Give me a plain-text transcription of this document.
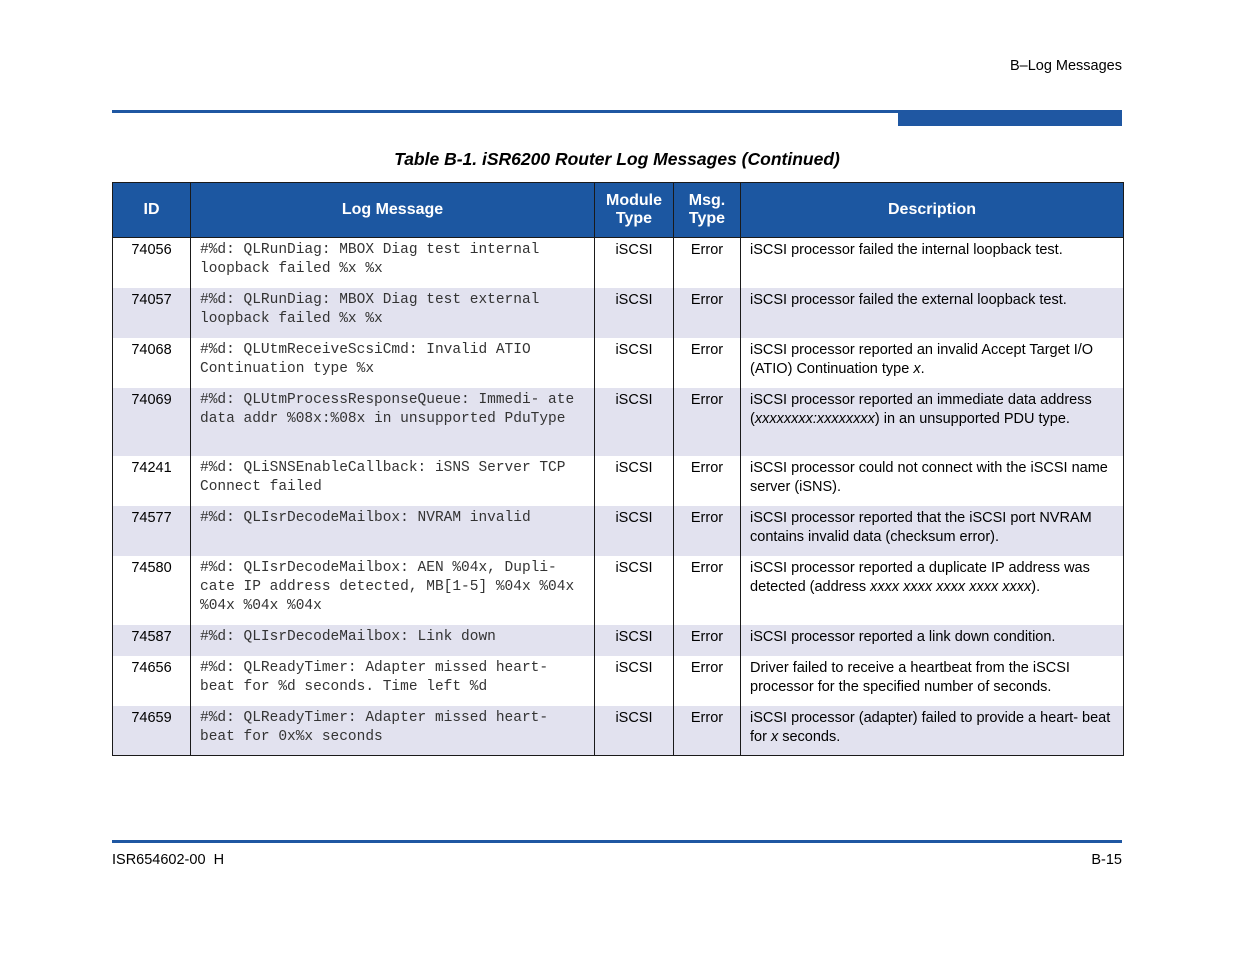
B–Log Messages
Table B-1. iSR6200 Router Log Messages (Continued)
ID	Log Message	Module Type	Msg. Type	Description
74056	#%d: QLRunDiag: MBOX Diag test internal loopback failed %x %x	iSCSI	Error	iSCSI processor failed the internal loopback test.
74057	#%d: QLRunDiag: MBOX Diag test external loopback failed %x %x	iSCSI	Error	iSCSI processor failed the external loopback test.
74068	#%d: QLUtmReceiveScsiCmd: Invalid ATIO Continuation type %x	iSCSI	Error	iSCSI processor reported an invalid Accept Target I/O (ATIO) Continuation type x.
74069	#%d: QLUtmProcessResponseQueue: Immedi- ate data addr %08x:%08x in unsupported PduType	iSCSI	Error	iSCSI processor reported an immediate data address (xxxxxxxx:xxxxxxxx) in an unsupported PDU type.
74241	#%d: QLiSNSEnableCallback: iSNS Server TCP Connect failed	iSCSI	Error	iSCSI processor could not connect with the iSCSI name server (iSNS).
74577	#%d: QLIsrDecodeMailbox: NVRAM invalid	iSCSI	Error	iSCSI processor reported that the iSCSI port NVRAM contains invalid data (checksum error).
74580	#%d: QLIsrDecodeMailbox: AEN %04x, Dupli- cate IP address detected, MB[1-5] %04x %04x %04x %04x %04x	iSCSI	Error	iSCSI processor reported a duplicate IP address was detected (address xxxx xxxx xxxx xxxx xxxx).
74587	#%d: QLIsrDecodeMailbox: Link down	iSCSI	Error	iSCSI processor reported a link down condition.
74656	#%d: QLReadyTimer: Adapter missed heart- beat for %d seconds. Time left %d	iSCSI	Error	Driver failed to receive a heartbeat from the iSCSI processor for the specified number of seconds.
74659	#%d: QLReadyTimer: Adapter missed heart- beat for 0x%x seconds	iSCSI	Error	iSCSI processor (adapter) failed to provide a heart- beat for x seconds.
ISR654602-00  H	B-15
